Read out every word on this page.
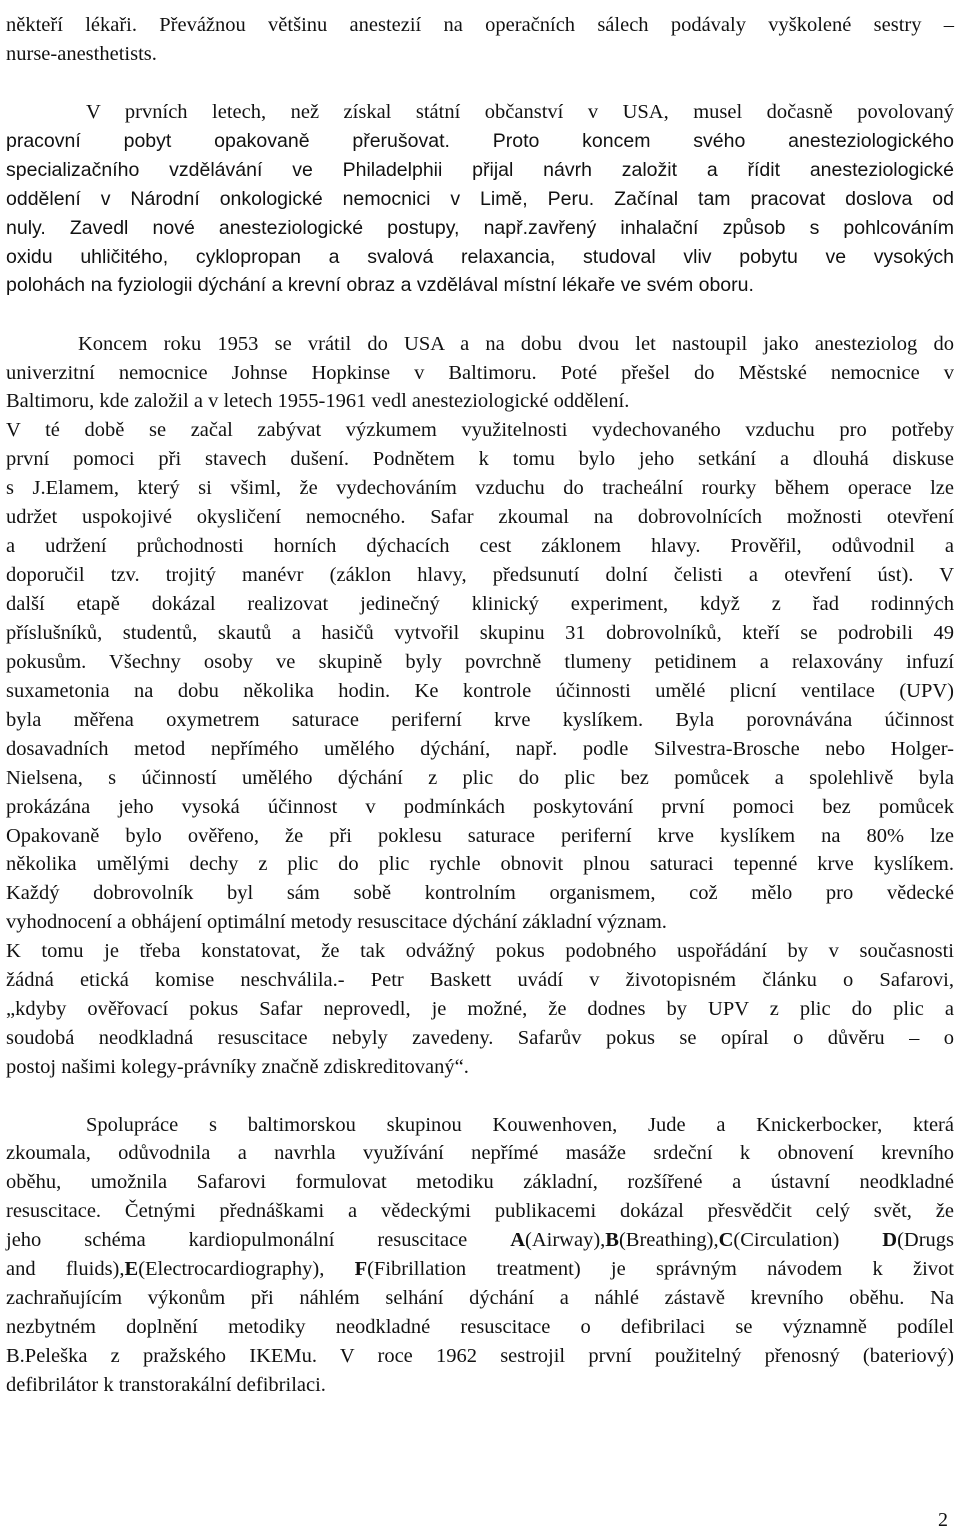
někteří lékaři. Převážnou většinu anestezií na operačních sálech podávaly vyškolené sestry –
nurse-anesthetists.
V prvních letech, než získal státní občanství v USA, musel dočasně povolovaný
pracovní pobyt opakovaně přerušovat. Proto koncem svého anesteziologického
specializačního vzdělávání ve Philadelphii přijal návrh založit a řídit anesteziologické
oddělení v Národní onkologické nemocnici v Limě, Peru. Začínal tam pracovat doslova od
nuly. Zavedl nové anesteziologické postupy, např.zavřený inhalační způsob s pohlcováním
oxidu uhličitého, cyklopropan a svalová relaxancia, studoval vliv pobytu ve vysokých
polohách na fyziologii dýchání a krevní obraz a vzdělával místní lékaře ve svém oboru.
Koncem roku 1953 se vrátil do USA a na dobu dvou let nastoupil jako anesteziolog do
univerzitní nemocnice Johnse Hopkinse v Baltimoru. Poté přešel do Městské nemocnice v
Baltimoru, kde založil a v letech 1955-1961 vedl anesteziologické oddělení.
V té době se začal zabývat výzkumem využitelnosti vydechovaného vzduchu pro potřeby
první pomoci při stavech dušení. Podnětem k tomu bylo jeho setkání a dlouhá diskuse
s J.Elamem, který si všiml, že vydechováním vzduchu do tracheální rourky během operace lze
udržet uspokojivé okysličení nemocného. Safar zkoumal na dobrovolnících možnosti otevření
a udržení průchodnosti horních dýchacích cest záklonem hlavy. Prověřil, odůvodnil a
doporučil tzv. trojitý manévr (záklon hlavy, předsunutí dolní čelisti a otevření úst). V
další etapě dokázal realizovat jedinečný klinický experiment, když z řad rodinných
příslušníků, studentů, skautů a hasičů vytvořil skupinu 31 dobrovolníků, kteří se podrobili 49
pokusům. Všechny osoby ve skupině byly povrchně tlumeny petidinem a relaxovány infuzí
suxametonia na dobu několika hodin. Ke kontrole účinnosti umělé plicní ventilace (UPV)
byla měřena oxymetrem saturace periferní krve kyslíkem. Byla porovnávána účinnost
dosavadních metod nepřímého umělého dýchání, např. podle Silvestra-Brosche nebo Holger-
Nielsena, s účinností umělého dýchání z plic do plic bez pomůcek a spolehlivě byla
prokázána jeho vysoká účinnost v podmínkách poskytování první pomoci bez pomůcek
Opakovaně bylo ověřeno, že při poklesu saturace periferní krve kyslíkem na 80% lze
několika umělými dechy z plic do plic rychle obnovit plnou saturaci tepenné krve kyslíkem.
Každý dobrovolník byl sám sobě kontrolním organismem, což mělo pro vědecké
vyhodnocení a obhájení optimální metody resuscitace dýchání základní význam.
K tomu je třeba konstatovat, že tak odvážný pokus podobného uspořádání by v současnosti
žádná etická komise neschválila.- Petr Baskett uvádí v životopisném článku o Safarovi,
„kdyby ověřovací pokus Safar neprovedl, je možné, že dodnes by UPV z plic do plic a
soudobá neodkladná resuscitace nebyly zavedeny. Safarův pokus se opíral o důvěru – o
postoj našimi kolegy-právníky značně zdiskreditovaný“.
Spolupráce s baltimorskou skupinou Kouwenhoven, Jude a Knickerbocker, která
zkoumala, odůvodnila a navrhla využívání nepřímé masáže srdeční k obnovení krevního
oběhu, umožnila Safarovi formulovat metodiku základní, rozšířené a ústavní neodkladné
resuscitace. Četnými přednáškami a vědeckými publikacemi dokázal přesvědčit celý svět, že
jeho schéma kardiopulmonální resuscitace A(Airway),B(Breathing),C(Circulation) D(Drugs
and fluids),E(Electrocardiography), F(Fibrillation treatment) je správným návodem k život
zachraňujícím výkonům při náhlém selhání dýchání a náhlé zástavě krevního oběhu. Na
nezbytném doplnění metodiky neodkladné resuscitace o defibrilaci se významně podílel
B.Peleška z pražského IKEMu. V roce 1962 sestrojil první použitelný přenosný (bateriový)
defibrilátor k transtorakální defibrilaci.
2
